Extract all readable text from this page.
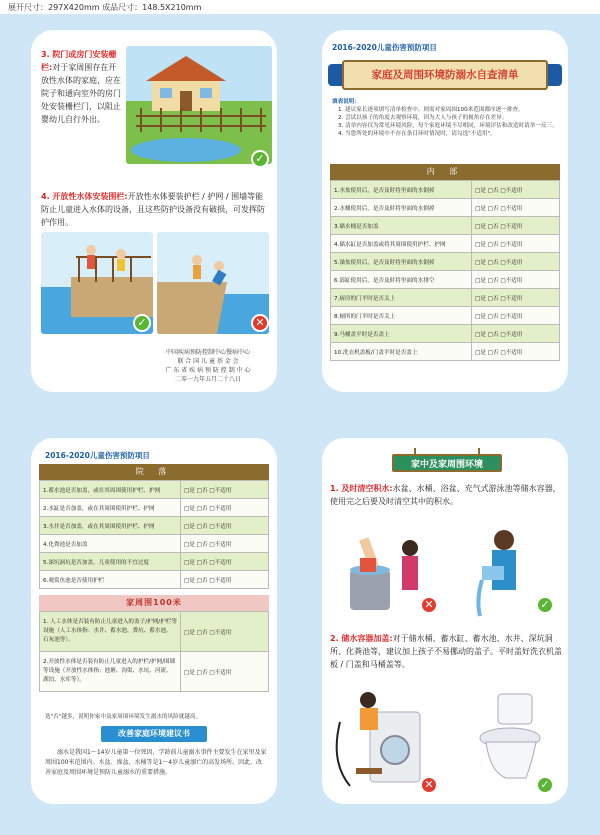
展开尺寸：297X420mm 成品尺寸：148.5X210mm
3. 院门或房门安装栅栏:对于家周围存在开放性水体的家庭，应在院子和通向室外的房门处安装栅栏门，以阻止婴幼儿自行外出。
✓
4. 开放性水体安装围栏:开放性水体要装护栏 / 护网 / 围墙等能防止儿童进入水体的设备，且这些防护设备没有破损，可发挥防护作用。
✓	✕
中国疾病预防控制中心慢病中心
联 合 国 儿 童 基 金 会
广 东 省 疾 病 预 防 控 制 中 心
二零一九年五月二十八日
2016-2020儿童伤害预防项目
家庭及周围环境防溺水自查清单
填表说明：
1. 建议家长逐项填写清单检查中、则需对家周围100米范围都序逐一排查。
2. 尝试以孩子的角度去观察环境，因为大人与孩子的视角存在差异。
3. 清单内容仅为常见环境风险，每个家庭环境不尽相同，环境评估和改造时请举一反三。
4. 当您所处的环境中不存在条目环时情况时，请勾选"不适用"。
内 部
1.水盆使用后，是否及时将里面的水倒掉	□是 □否 □不适用
2.水桶使用后，是否及时将里面的水倒掉	□是 □否 □不适用
3.储水桶是否加盖	□是 □否 □不适用
4.储水缸是否加盖或将其周围使用护栏、护网	□是 □否 □不适用
5.澡盆使用后，是否及时将里面的水倒掉	□是 □否 □不适用
6.浴缸使用后，是否及时将里面的水排空	□是 □否 □不适用
7.厨房的门平时是否关上	□是 □否 □不适用
8.厕所的门平时是否关上	□是 □否 □不适用
9.马桶盖平时是否盖上	□是 □否 □不适用
10.洗衣机盖板/门盖平时是否盖上	□是 □否 □不适用
2016-2020儿童伤害预防项目
院 落
1.蓄水池是否加盖，或在其周围使用护栏、护网	□是 □否 □不适用
2.水缸是否加盖，或在其周围使用护栏、护网	□是 □否 □不适用
3.水井是否加盖，或在其周围使用护栏、护网	□是 □否 □不适用
4.化粪池是否加盖	□是 □否 □不适用
5.深坑洞坑是否加盖，儿童使用的不宜过度	□是 □否 □不适用
6.观赏鱼池是否使用护栏	□是 □否 □不适用
家周围100米
1. 人工水体是否装有防止儿童进入的盖子/护网/护栏等设施（人工水体指：水井、蓄水池、粪坑、蓄水池、石灰池等）。	□是 □否 □不适用
2.开放性水体是否装有防止儿童进入的护栏/护网/围墙等设施（开放性水体指：池塘、沟渠、水坑、河流、湖泊、水库等）。	□是 □否 □不适用
选"否"越多，说明你家中及家周围环境发生溺水的风险就越高。
改善家庭环境建议书
溺水是我国1～14岁儿童第一位死因，学龄前儿童溺水事件主要发生在家里及家周围100米范围内。水盆、澡盆、水桶等是1～4岁儿童溺亡的高发场所。因此，改善家庭及周围环境是预防儿童溺水的重要措施。
家中及家周围环境
1. 及时清空积水:水盆、水桶、浴盆、充气式游泳池等储水容器，使用完之后要及时清空其中的积水。
✕	✓
2. 储水容器加盖:对于储水桶、蓄水缸、蓄水池、水井、深坑洞所、化粪池等，建议加上孩子不易挪动的盖子。平时盖好洗衣机盖板 / 门盖和马桶盖等。
✕	✓
